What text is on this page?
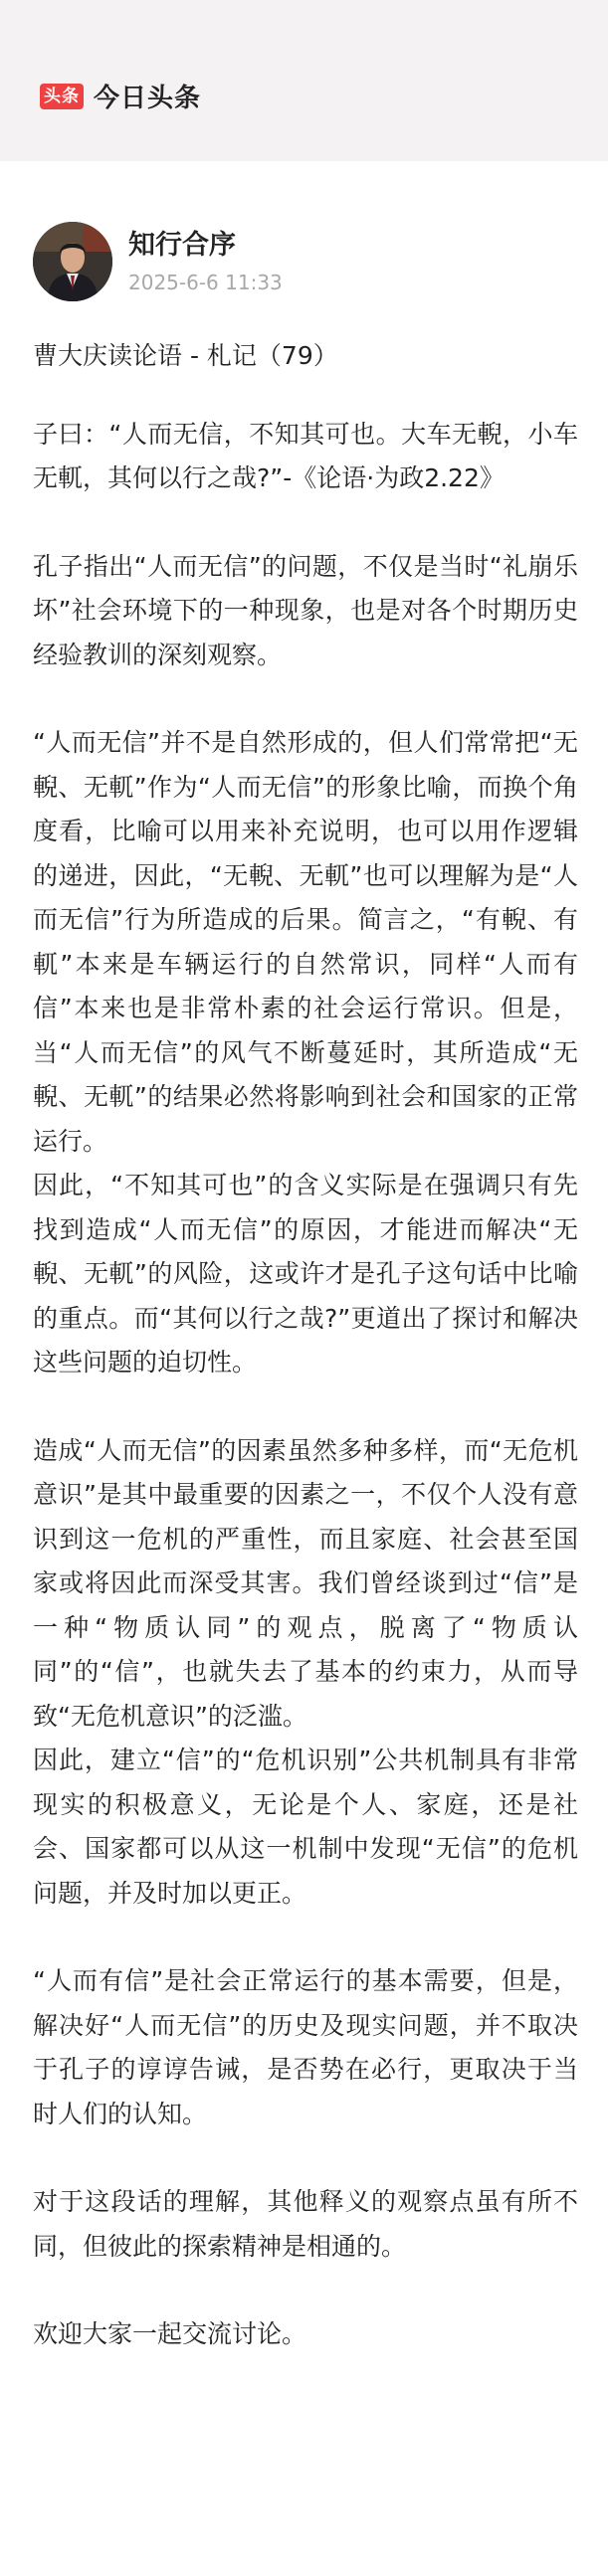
头条 今日头条
知行合序
2025-6-6 11:33

曹大庆读论语 - 札记（79）

子曰：“人而无信，不知其可也。大车无輗，小车无軏，其何以行之哉?”-《论语·为政2.22》

孔子指出“人而无信”的问题，不仅是当时“礼崩乐坏”社会环境下的一种现象，也是对各个时期历史经验教训的深刻观察。

“人而无信”并不是自然形成的，但人们常常把“无輗、无軏”作为“人而无信”的形象比喻，而换个角度看，比喻可以用来补充说明，也可以用作逻辑的递进，因此，“无輗、无軏”也可以理解为是“人而无信”行为所造成的后果。简言之，“有輗、有軏”本来是车辆运行的自然常识，同样“人而有信”本来也是非常朴素的社会运行常识。但是，当“人而无信”的风气不断蔓延时，其所造成“无輗、无軏”的结果必然将影响到社会和国家的正常运行。

因此，“不知其可也”的含义实际是在强调只有先找到造成“人而无信”的原因，才能进而解决“无輗、无軏”的风险，这或许才是孔子这句话中比喻的重点。而“其何以行之哉?”更道出了探讨和解决这些问题的迫切性。

造成“人而无信”的因素虽然多种多样，而“无危机意识”是其中最重要的因素之一，不仅个人没有意识到这一危机的严重性，而且家庭、社会甚至国家或将因此而深受其害。我们曾经谈到过“信”是一种“物质认同”的观点，脱离了“物质认同”的“信”，也就失去了基本的约束力，从而导致“无危机意识”的泛滥。

因此，建立“信”的“危机识别”公共机制具有非常现实的积极意义，无论是个人、家庭，还是社会、国家都可以从这一机制中发现“无信”的危机问题，并及时加以更正。

“人而有信”是社会正常运行的基本需要，但是，解决好“人而无信”的历史及现实问题，并不取决于孔子的谆谆告诫，是否势在必行，更取决于当时人们的认知。

对于这段话的理解，其他释义的观察点虽有所不同，但彼此的探索精神是相通的。

欢迎大家一起交流讨论。
